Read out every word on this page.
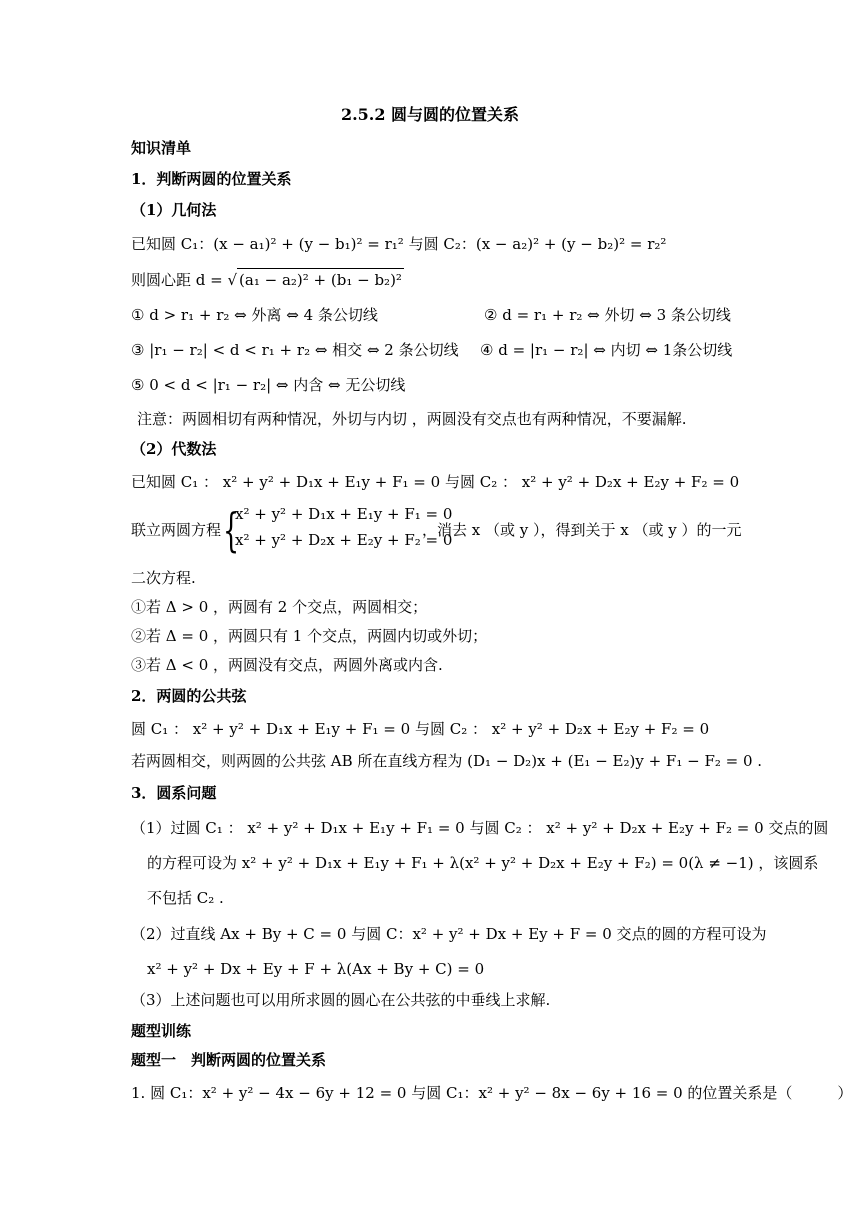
2.5.2 圆与圆的位置关系
知识清单
1．判断两圆的位置关系
（1）几何法
已知圆 C₁：(x − a₁)² + (y − b₁)² = r₁² 与圆 C₂：(x − a₂)² + (y − b₂)² = r₂²
则圆心距 d = √ (a₁ − a₂)² + (b₁ − b₂)²
① d > r₁ + r₂ ⇔ 外离 ⇔ 4 条公切线	② d = r₁ + r₂ ⇔ 外切 ⇔ 3 条公切线
③ |r₁ − r₂| < d < r₁ + r₂ ⇔ 相交 ⇔ 2 条公切线 ④ d = |r₁ − r₂| ⇔ 内切 ⇔ 1条公切线
⑤ 0 < d < |r₁ − r₂| ⇔ 内含 ⇔ 无公切线
注意：两圆相切有两种情况，外切与内切 ，两圆没有交点也有两种情况，不要漏解.
（2）代数法
已知圆 C₁ ： x² + y² + D₁x + E₁y + F₁ = 0 与圆 C₂ ： x² + y² + D₂x + E₂y + F₂ = 0
联立两圆方程 {
x² + y² + D₁x + E₁y + F₁ = 0
x² + y² + D₂x + E₂y + F₂ = 0
，消去 x （或 y ），得到关于 x （或 y ）的一元
二次方程.
①若 Δ > 0 ，两圆有 2 个交点，两圆相交；
②若 Δ = 0 ，两圆只有 1 个交点，两圆内切或外切；
③若 Δ < 0 ，两圆没有交点，两圆外离或内含.
2．两圆的公共弦
圆 C₁ ： x² + y² + D₁x + E₁y + F₁ = 0 与圆 C₂ ： x² + y² + D₂x + E₂y + F₂ = 0
若两圆相交，则两圆的公共弦 AB 所在直线方程为 (D₁ − D₂)x + (E₁ − E₂)y + F₁ − F₂ = 0 .
3．圆系问题
（1）过圆 C₁ ： x² + y² + D₁x + E₁y + F₁ = 0 与圆 C₂ ： x² + y² + D₂x + E₂y + F₂ = 0 交点的圆
的方程可设为 x² + y² + D₁x + E₁y + F₁ + λ(x² + y² + D₂x + E₂y + F₂) = 0(λ ≠ −1) ，该圆系
不包括 C₂ .
（2）过直线 Ax + By + C = 0 与圆 C：x² + y² + Dx + Ey + F = 0 交点的圆的方程可设为
x² + y² + Dx + Ey + F + λ(Ax + By + C) = 0
（3）上述问题也可以用所求圆的圆心在公共弦的中垂线上求解.
题型训练
题型一　判断两圆的位置关系
1. 圆 C₁：x² + y² − 4x − 6y + 12 = 0 与圆 C₁：x² + y² − 8x − 6y + 16 = 0 的位置关系是（　　　）
